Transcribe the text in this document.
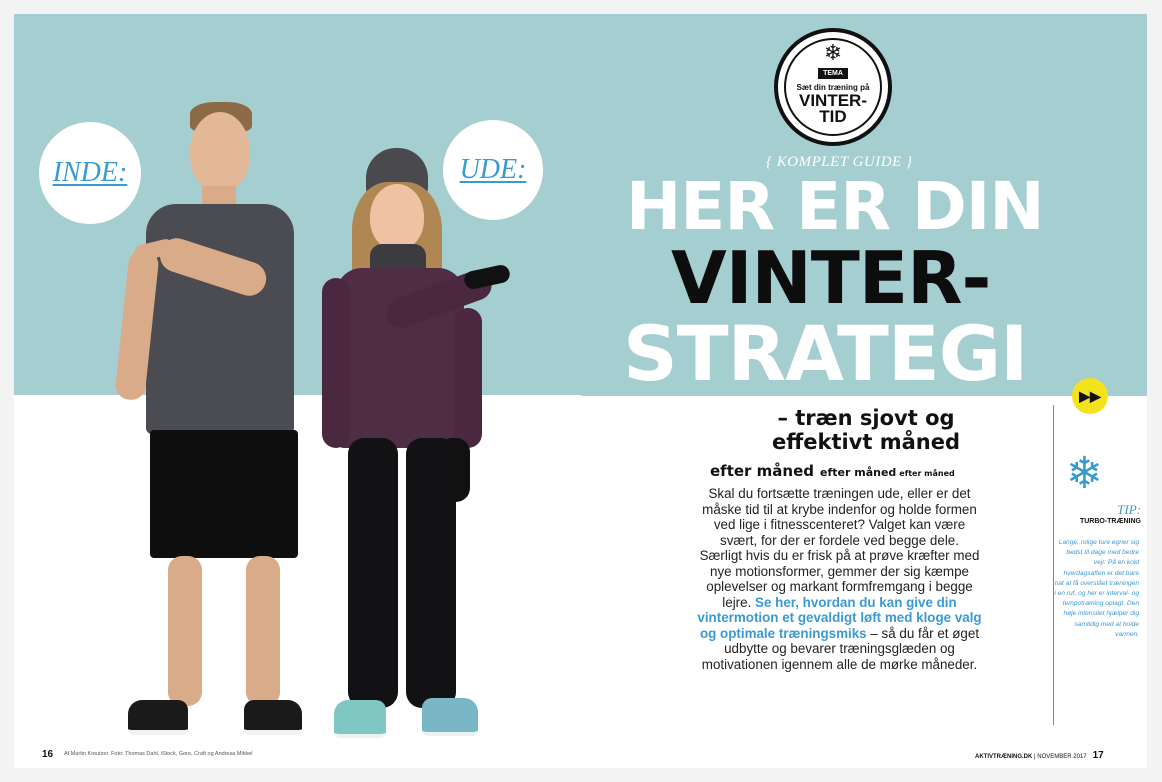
INDE:	UDE:
16 Af Martin Kreutzer. Foto: Thomas Dahl, iStock, Gore, Craft og Andreas Mikkel
❄
TEMA
Sæt din træning på
VINTER-
TID
{ KOMPLET GUIDE }
HER ER DIN
VINTER-
STRATEGI	▶▶
– træn sjovt og effektivt måned
efter måned efter måned efter måned
Skal du fortsætte træningen ude, eller er det måske tid til at krybe indenfor og holde formen ved lige i fitnesscenteret? Valget kan være svært, for der er fordele ved begge dele. Særligt hvis du er frisk på at prøve kræfter med nye motionsformer, gemmer der sig kæmpe oplevelser og markant formfremgang i begge lejre. Se her, hvordan du kan give din vintermotion et gevaldigt løft med kloge valg og optimale træningsmiks – så du får et øget udbytte og bevarer træningsglæden og motivationen igennem alle de mørke måneder.
❄
TIP:
TURBO-TRÆNING
Lange, rolige ture egner sig bedst til dage med bedre vejr. På en kold hverdagsaften er det bare nat at få overstået træningen i en ruf, og her er interval- og tempotræning oplagt. Den høje intensitet hjælper dig samtidig med at holde varmen.
AKTIVTRÆNING.DK | NOVEMBER 2017 17
